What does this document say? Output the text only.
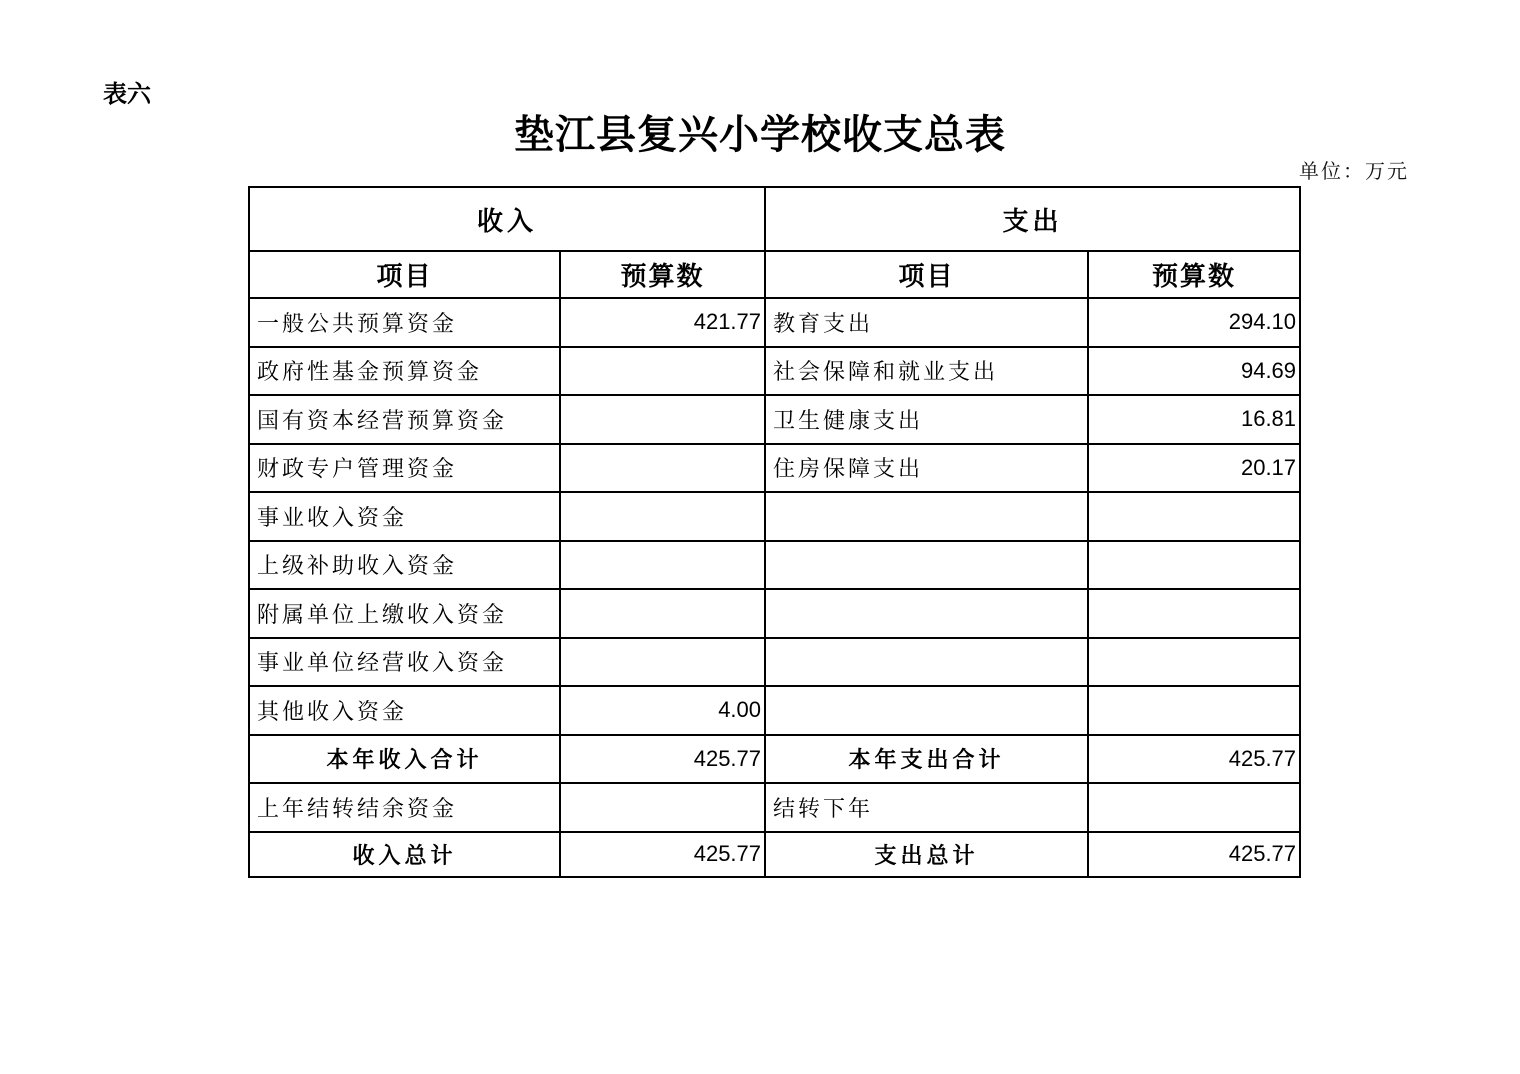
表六
垫江县复兴小学校收支总表
单位：万元
收入		支出	
项目	预算数	项目	预算数
一般公共预算资金	421.77	教育支出	294.10
政府性基金预算资金		社会保障和就业支出	94.69
国有资本经营预算资金		卫生健康支出	16.81
财政专户管理资金		住房保障支出	20.17
事业收入资金			
上级补助收入资金			
附属单位上缴收入资金			
事业单位经营收入资金			
其他收入资金	4.00		
本年收入合计	425.77	本年支出合计	425.77
上年结转结余资金		结转下年	
收入总计	425.77	支出总计	425.77
